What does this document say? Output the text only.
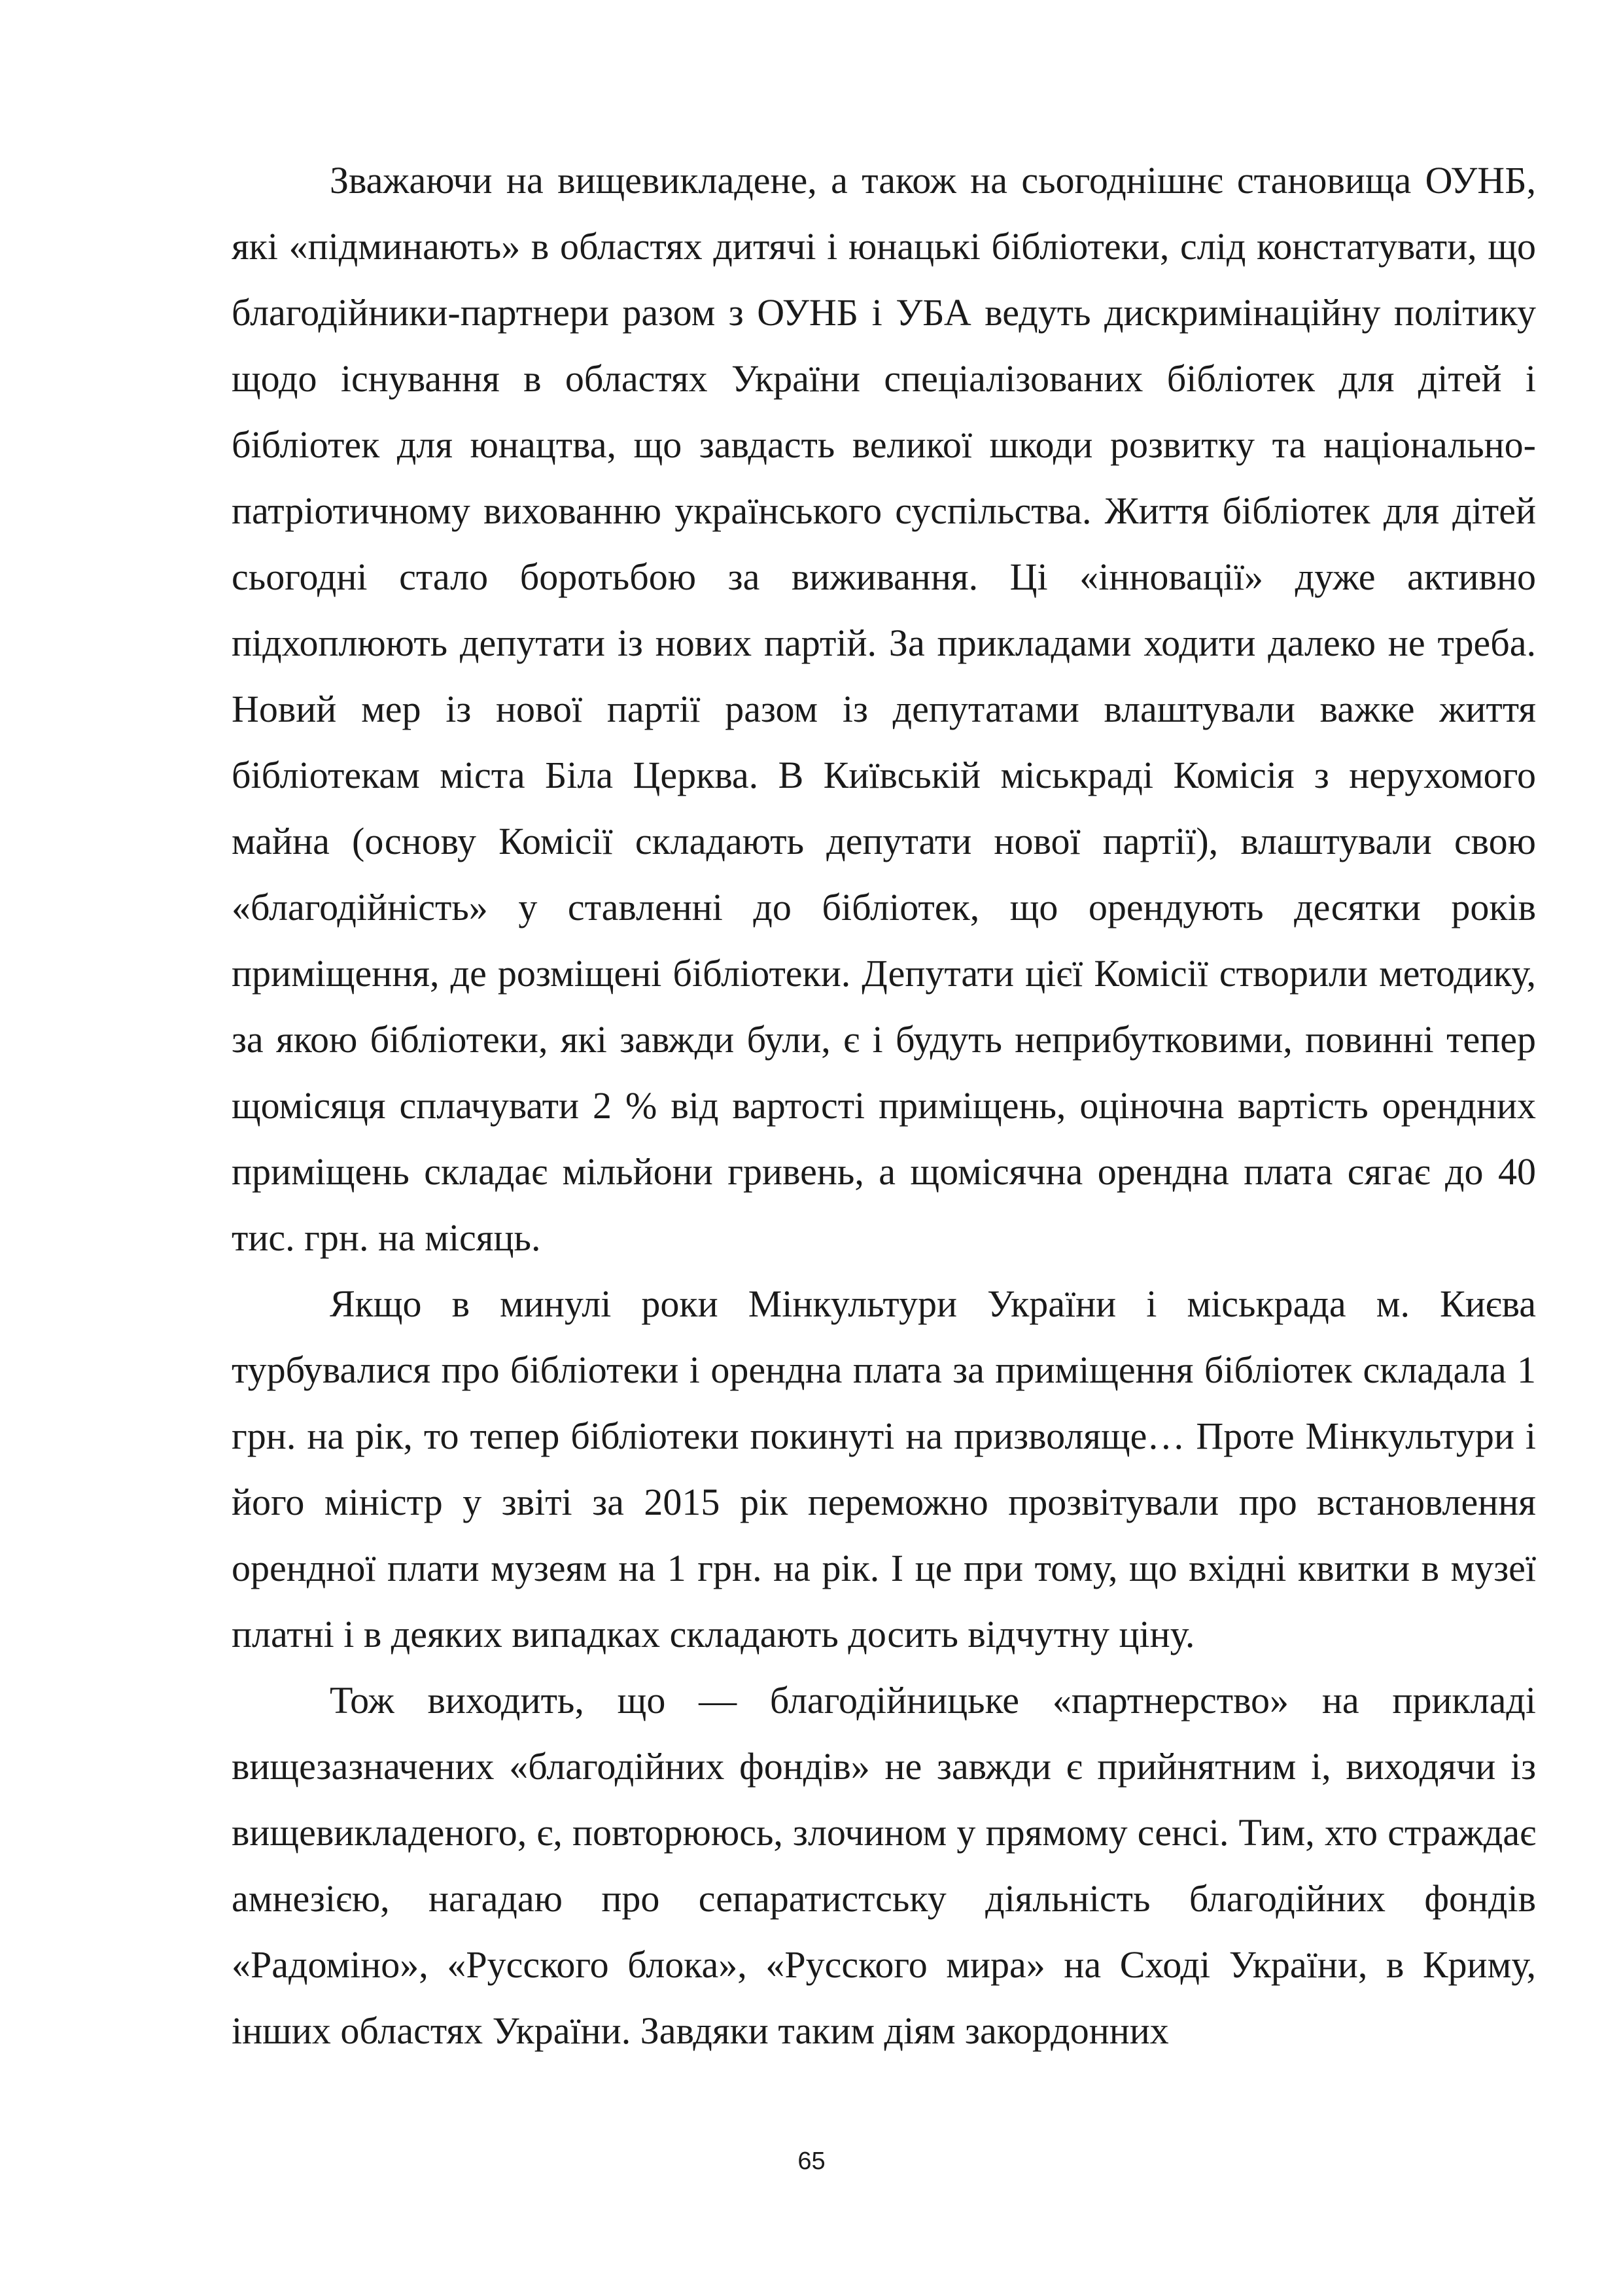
Зважаючи на вищевикладене, а також на сьогоднішнє становища ОУНБ, які «підминають» в областях дитячі і юнацькі бібліотеки, слід констатувати, що благодійники-партнери разом з ОУНБ і УБА ведуть дискримінаційну політику щодо існування в областях України спеціалізованих бібліотек для дітей і бібліотек для юнацтва, що завдасть великої шкоди розвитку та національно-патріотичному вихованню українського суспільства. Життя бібліотек для дітей сьогодні стало боротьбою за виживання. Ці «інновації» дуже активно підхоплюють депутати із нових партій. За прикладами ходити далеко не треба. Новий мер із нової партії разом із депутатами влаштували важке життя бібліотекам міста Біла Церква. В Київській міськраді Комісія з нерухомого майна (основу Комісії складають депутати нової партії), влаштували свою «благодійність» у ставленні до бібліотек, що орендують десятки років приміщення, де розміщені бібліотеки. Депутати цієї Комісії створили методику, за якою бібліотеки, які завжди були, є і будуть неприбутковими, повинні тепер щомісяця сплачувати 2 % від вартості приміщень, оціночна вартість орендних приміщень складає мільйони гривень, а щомісячна орендна плата сягає до 40 тис. грн. на місяць.

Якщо в минулі роки Мінкультури України і міськрада м. Києва турбувалися про бібліотеки і орендна плата за приміщення бібліотек складала 1 грн. на рік, то тепер бібліотеки покинуті на призволяще… Проте Мінкультури і його міністр у звіті за 2015 рік переможно прозвітували про встановлення орендної плати музеям на 1 грн. на рік. І це при тому, що вхідні квитки в музеї платні і в деяких випадках складають досить відчутну ціну.

Тож виходить, що — благодійницьке «партнерство» на прикладі вищезазначених «благодійних фондів» не завжди є прийнятним і, виходячи із вищевикладеного, є, повторююсь, злочином у прямому сенсі. Тим, хто страждає амнезією, нагадаю про сепаратистську діяльність благодійних фондів «Радоміно», «Русского блока», «Русского мира» на Сході України, в Криму, інших областях України. Завдяки таким діям закордонних

65
